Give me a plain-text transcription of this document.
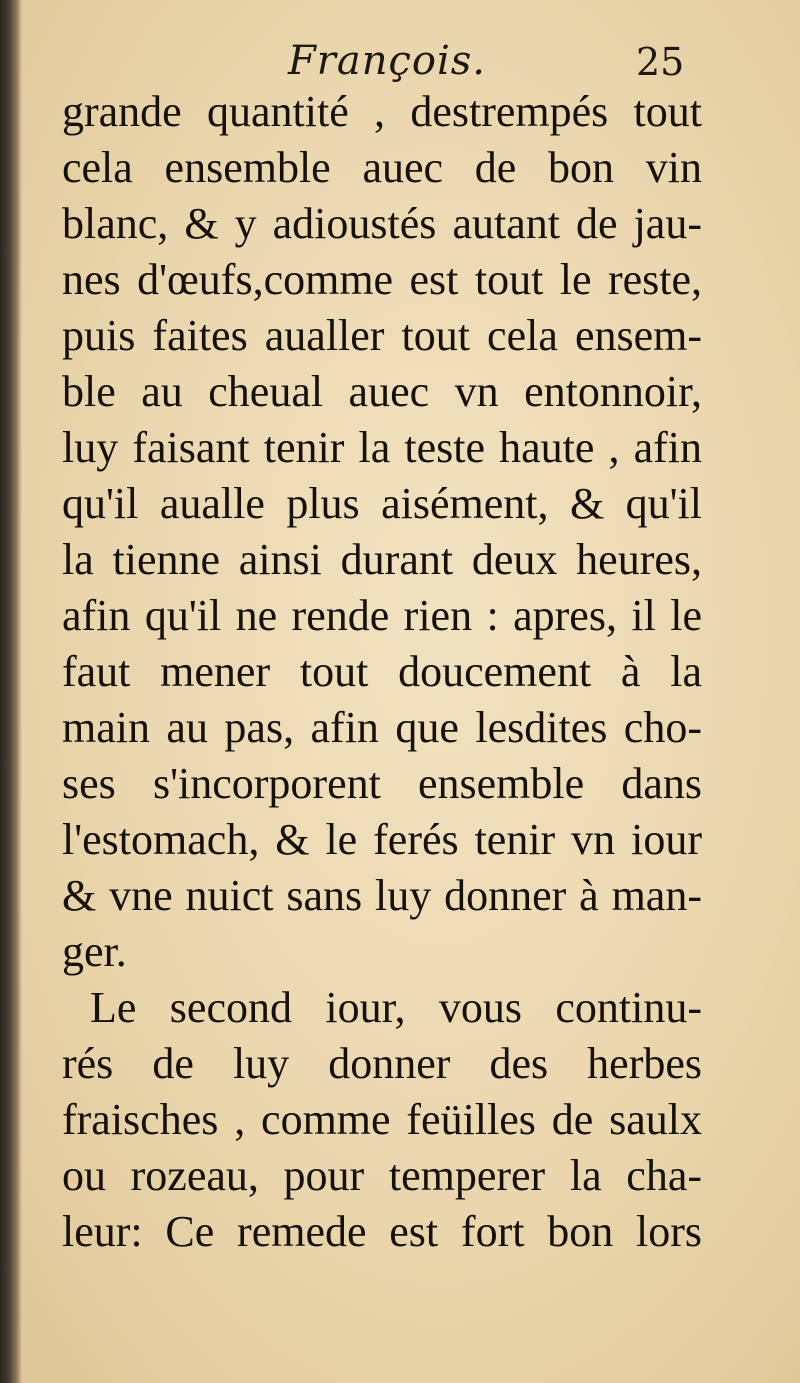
François.	25
grande quantité , destrempés tout
cela ensemble auec de bon vin
blanc, & y adioustés autant de jau-
nes d'œufs,comme est tout le reste,
puis faites aualler tout cela ensem-
ble au cheual auec vn entonnoir,
luy faisant tenir la teste haute , afin
qu'il aualle plus aisément, & qu'il
la tienne ainsi durant deux heures,
afin qu'il ne rende rien : apres, il le
faut mener tout doucement à la
main au pas, afin que lesdites cho-
ses s'incorporent ensemble dans
l'estomach, & le ferés tenir vn iour
& vne nuict sans luy donner à man-
ger.
Le second iour, vous continu-
rés de luy donner des herbes
fraisches , comme feüilles de saulx
ou rozeau, pour temperer la cha-
leur: Ce remede est fort bon lors
